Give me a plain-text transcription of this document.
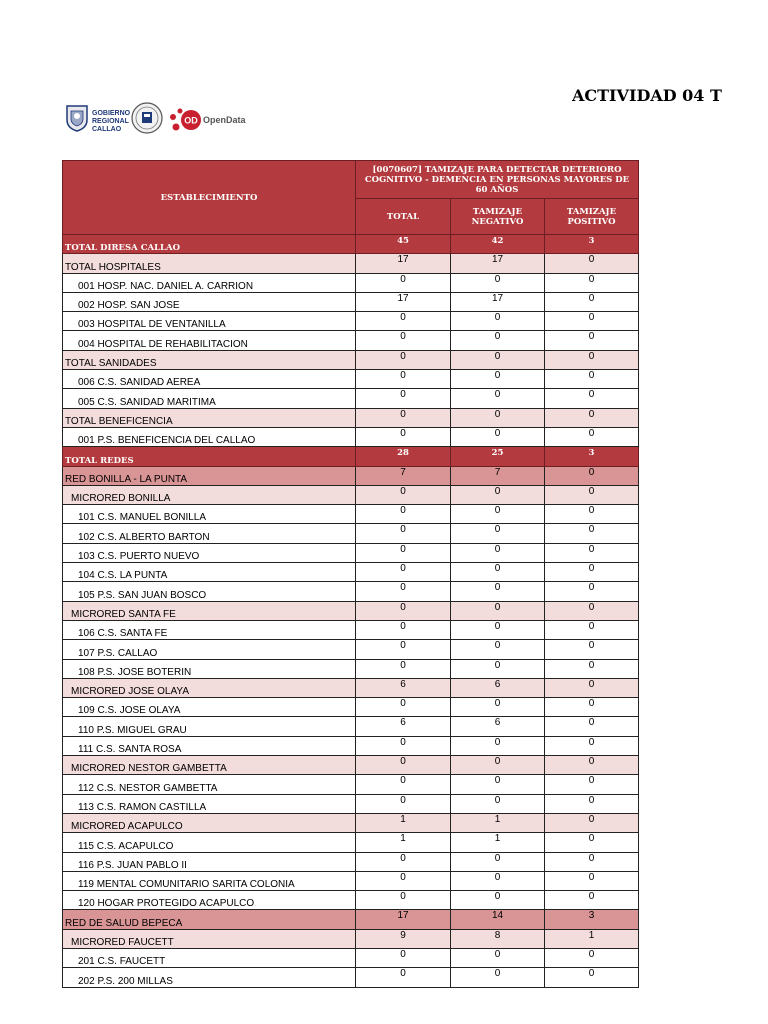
ACTIVIDAD 04 T
GOBIERNO
REGIONAL
CALLAO
OD OpenData
ESTABLECIMIENTO	[0070607] TAMIZAJE PARA DETECTAR DETERIORO COGNITIVO - DEMENCIA EN PERSONAS MAYORES DE 60 AÑOS		
	TOTAL	TAMIZAJE NEGATIVO	TAMIZAJE POSITIVO
TOTAL DIRESA CALLAO	45	42	3
TOTAL HOSPITALES	17	17	0
001 HOSP. NAC. DANIEL A. CARRION	0	0	0
002 HOSP. SAN JOSE	17	17	0
003 HOSPITAL DE VENTANILLA	0	0	0
004 HOSPITAL DE REHABILITACION	0	0	0
TOTAL SANIDADES	0	0	0
006 C.S. SANIDAD AEREA	0	0	0
005 C.S. SANIDAD MARITIMA	0	0	0
TOTAL BENEFICENCIA	0	0	0
001 P.S. BENEFICENCIA DEL CALLAO	0	0	0
TOTAL REDES	28	25	3
RED BONILLA - LA PUNTA	7	7	0
MICRORED BONILLA	0	0	0
101 C.S. MANUEL BONILLA	0	0	0
102 C.S. ALBERTO BARTON	0	0	0
103 C.S. PUERTO NUEVO	0	0	0
104 C.S. LA PUNTA	0	0	0
105 P.S. SAN JUAN BOSCO	0	0	0
MICRORED SANTA FE	0	0	0
106 C.S. SANTA FE	0	0	0
107 P.S. CALLAO	0	0	0
108 P.S. JOSE BOTERIN	0	0	0
MICRORED JOSE OLAYA	6	6	0
109 C.S. JOSE OLAYA	0	0	0
110 P.S. MIGUEL GRAU	6	6	0
111 C.S. SANTA ROSA	0	0	0
MICRORED NESTOR GAMBETTA	0	0	0
112 C.S. NESTOR GAMBETTA	0	0	0
113 C.S. RAMON CASTILLA	0	0	0
MICRORED ACAPULCO	1	1	0
115 C.S. ACAPULCO	1	1	0
116 P.S. JUAN PABLO II	0	0	0
119 MENTAL COMUNITARIO SARITA COLONIA	0	0	0
120 HOGAR PROTEGIDO ACAPULCO	0	0	0
RED DE SALUD BEPECA	17	14	3
MICRORED FAUCETT	9	8	1
201 C.S. FAUCETT	0	0	0
202 P.S. 200 MILLAS	0	0	0
